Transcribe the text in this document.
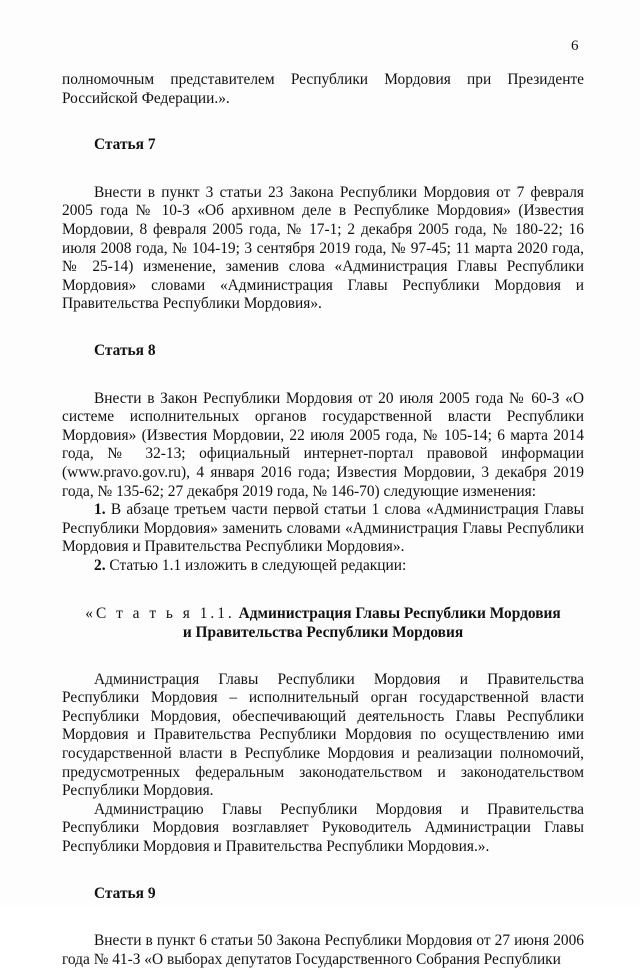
6

полномочным представителем Республики Мордовия при Президенте Российской Федерации.».

Статья 7

Внести в пункт 3 статьи 23 Закона Республики Мордовия от 7 февраля 2005 года № 10-З «Об архивном деле в Республике Мордовия» (Известия Мордовии, 8 февраля 2005 года, № 17-1; 2 декабря 2005 года, № 180-22; 16 июля 2008 года, № 104-19; 3 сентября 2019 года, № 97-45; 11 марта 2020 года, № 25-14) изменение, заменив слова «Администрация Главы Республики Мордовия» словами «Администрация Главы Республики Мордовия и Правительства Республики Мордовия».

Статья 8

Внести в Закон Республики Мордовия от 20 июля 2005 года № 60-З «О системе исполнительных органов государственной власти Республики Мордовия» (Известия Мордовии, 22 июля 2005 года, № 105-14; 6 марта 2014 года, № 32-13; официальный интернет-портал правовой информации (www.pravo.gov.ru), 4 января 2016 года; Известия Мордовии, 3 декабря 2019 года, № 135-62; 27 декабря 2019 года, № 146-70) следующие изменения:

1. В абзаце третьем части первой статьи 1 слова «Администрация Главы Республики Мордовия» заменить словами «Администрация Главы Республики Мордовия и Правительства Республики Мордовия».

2. Статью 1.1 изложить в следующей редакции:

«С т а т ь я 1.1. Администрация Главы Республики Мордовия
и Правительства Республики Мордовия

Администрация Главы Республики Мордовия и Правительства Республики Мордовия – исполнительный орган государственной власти Республики Мордовия, обеспечивающий деятельность Главы Республики Мордовия и Правительства Республики Мордовия по осуществлению ими государственной власти в Республике Мордовия и реализации полномочий, предусмотренных федеральным законодательством и законодательством Республики Мордовия.

Администрацию Главы Республики Мордовия и Правительства Республики Мордовия возглавляет Руководитель Администрации Главы Республики Мордовия и Правительства Республики Мордовия.».

Статья 9

Внести в пункт 6 статьи 50 Закона Республики Мордовия от 27 июня 2006 года № 41-З «О выборах депутатов Государственного Собрания Республики
